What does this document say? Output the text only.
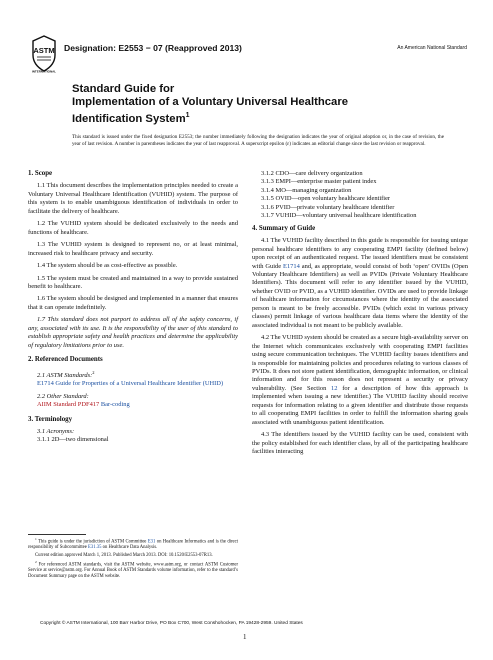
ASTM
INTERNATIONAL
Designation: E2553 − 07 (Reapproved 2013)	An American National Standard
Standard Guide for
Implementation of a Voluntary Universal Healthcare
Identification System$^1$
This standard is issued under the fixed designation E2553; the number immediately following the designation indicates the year of original adoption or, in the case of revision, the year of last revision. A number in parentheses indicates the year of last reapproval. A superscript epsilon (ε) indicates an editorial change since the last revision or reapproval.
1. Scope

1.1 This document describes the implementation principles needed to create a Voluntary Universal Healthcare Identification (VUHID) system. The purpose of this system is to enable unambiguous identification of individuals in order to facilitate the delivery of healthcare.

1.2 The VUHID system should be dedicated exclusively to the needs and functions of healthcare.

1.3 The VUHID system is designed to represent no, or at least minimal, increased risk to healthcare privacy and security.

1.4 The system should be as cost-effective as possible.

1.5 The system must be created and maintained in a way to provide sustained benefit to healthcare.

1.6 The system should be designed and implemented in a manner that ensures that it can operate indefinitely.

1.7 This standard does not purport to address all of the safety concerns, if any, associated with its use. It is the responsibility of the user of this standard to establish appropriate safety and health practices and determine the applicability of regulatory limitations prior to use.

2. Referenced Documents

2.1 ASTM Standards:$^2$
E1714 Guide for Properties of a Universal Healthcare Identifier (UHID)

2.2 Other Standard:
AIIM Standard PDF417 Bar-coding

3. Terminology

3.1 Acronyms:

3.1.1 2D—two dimensional

$^1$ This guide is under the jurisdiction of ASTM Committee E31 on Healthcare Informatics and is the direct responsibility of Subcommittee E31.35 on Healthcare Data Analysis.

Current edition approved March 1, 2013. Published March 2013. DOI: 10.1520/E2553-07R13.

$^2$ For referenced ASTM standards, visit the ASTM website, www.astm.org, or contact ASTM Customer Service at service@astm.org. For Annual Book of ASTM Standards volume information, refer to the standard’s Document Summary page on the ASTM website.

3.1.2 CDO—care delivery organization

3.1.3 EMPI—enterprise master patient index

3.1.4 MO—managing organization

3.1.5 OVID—open voluntary healthcare identifier

3.1.6 PVID—private voluntary healthcare identifier

3.1.7 VUHID—voluntary universal healthcare identification

4. Summary of Guide

4.1 The VUHID facility described in this guide is responsible for issuing unique personal healthcare identifiers to any cooperating EMPI facility (defined below) upon receipt of an authenticated request. The issued identifiers must be consistent with Guide E1714 and, as appropriate, would consist of both ‘open’ OVIDs (Open Voluntary Healthcare Identifiers) as well as PVIDs (Private Voluntary Healthcare Identifiers). This document will refer to any identifier issued by the VUHID, whether OVID or PVID, as a VUHID identifier. OVIDs are used to provide linkage of healthcare information for circumstances where the identity of the associated person is meant to be freely accessible. PVIDs (which exist in various privacy classes) permit linkage of various healthcare data items where the identity of the associated individual is not meant to be publicly available.

4.2 The VUHID system should be created as a secure high-availability server on the Internet which communicates exclusively with cooperating EMPI facilities using secure communication techniques. The VUHID facility issues identifiers and is responsible for maintaining policies and procedures relating to various classes of PVIDs. It does not store patient identification, demographic information, or clinical information and for this reason does not represent a security or privacy vulnerability. (See Section 12 for a description of how this approach is implemented when issuing a new identifier.) The VUHID facility should receive requests for information relating to a given identifier and distribute those requests to all cooperating EMPI facilities in order to fulfill the information sharing goals associated with unambiguous patient identification.

4.3 The identifiers issued by the VUHID facility can be used, consistent with the policy established for each identifier class, by all of the participating healthcare facilities interacting

Copyright © ASTM International, 100 Barr Harbor Drive, PO Box C700, West Conshohocken, PA 19428-2959. United States
1
